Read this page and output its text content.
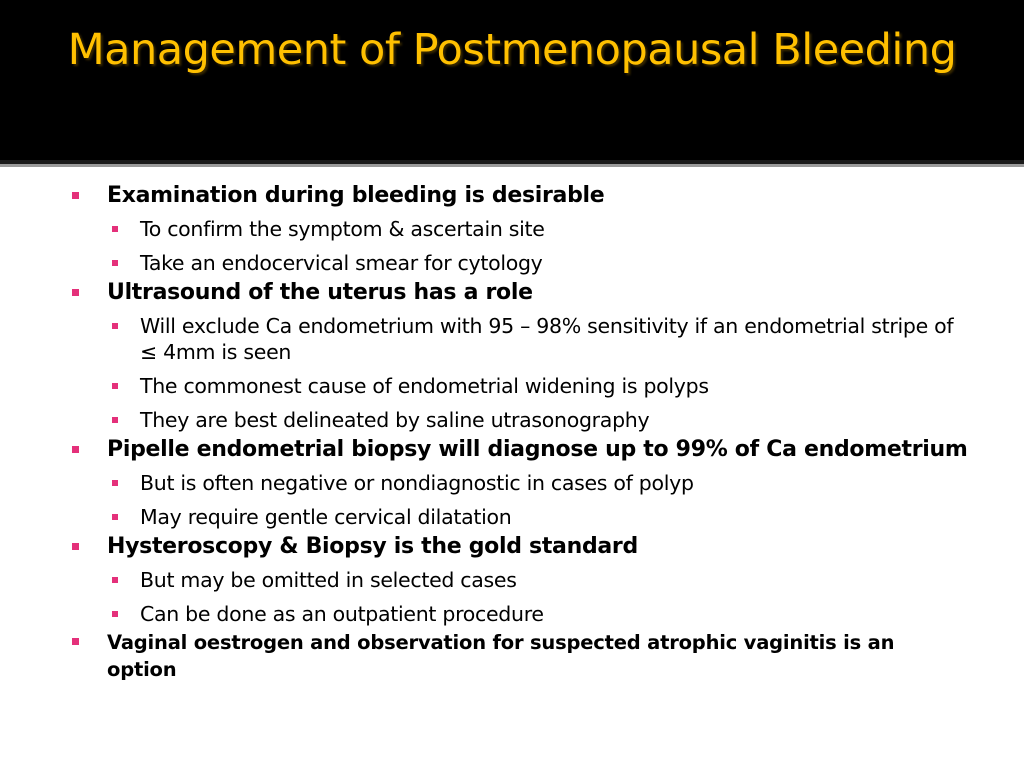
Management of Postmenopausal Bleeding
Examination during bleeding is desirable
To confirm the symptom & ascertain site
Take an endocervical smear for cytology
Ultrasound of the uterus has a role
Will exclude Ca endometrium with 95 – 98% sensitivity if an endometrial stripe of ≤ 4mm is seen
The commonest cause of endometrial widening is polyps
They are best delineated by saline utrasonography
Pipelle endometrial biopsy will diagnose up to 99% of Ca endometrium
But is often negative or nondiagnostic in cases of polyp
May require gentle cervical dilatation
Hysteroscopy & Biopsy is the gold standard
But may be omitted in selected cases
Can be done as an outpatient procedure
Vaginal oestrogen and observation for suspected atrophic vaginitis is an option
